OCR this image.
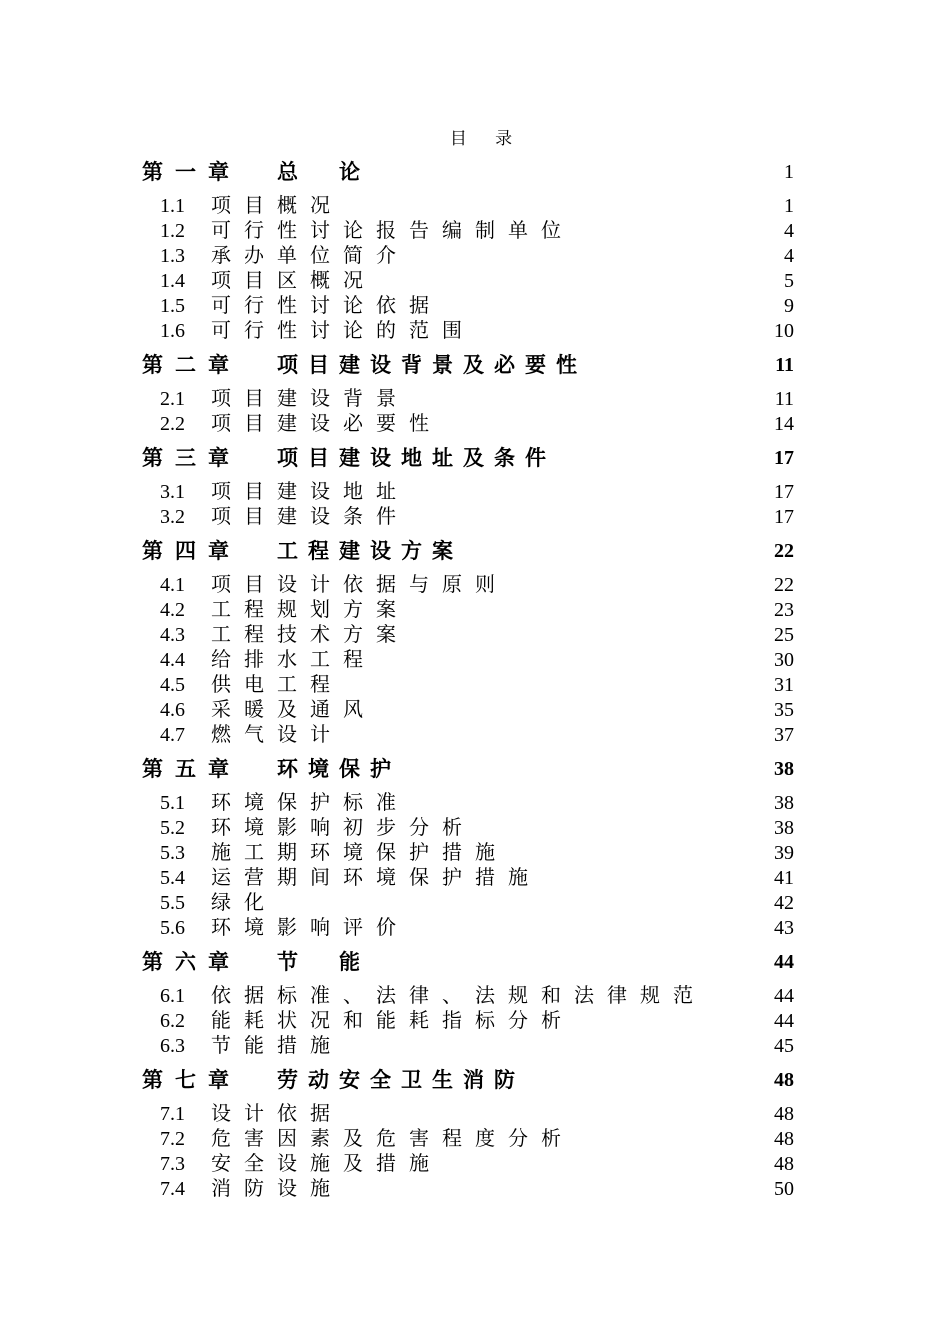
目 录
第一章 总　论	1
1.1 项目概况	1
1.2 可行性讨论报告编制单位	4
1.3 承办单位简介	4
1.4 项目区概况	5
1.5 可行性讨论依据	9
1.6 可行性讨论的范围	10
第二章 项目建设背景及必要性	11
2.1 项目建设背景	11
2.2 项目建设必要性	14
第三章 项目建设地址及条件	17
3.1 项目建设地址	17
3.2 项目建设条件	17
第四章 工程建设方案	22
4.1 项目设计依据与原则	22
4.2 工程规划方案	23
4.3 工程技术方案	25
4.4 给排水工程	30
4.5 供电工程	31
4.6 采暖及通风	35
4.7 燃气设计	37
第五章 环境保护	38
5.1 环境保护标准	38
5.2 环境影响初步分析	38
5.3 施工期环境保护措施	39
5.4 运营期间环境保护措施	41
5.5 绿化	42
5.6 环境影响评价	43
第六章 节　能	44
6.1 依据标准、法律、法规和法律规范	44
6.2 能耗状况和能耗指标分析	44
6.3 节能措施	45
第七章 劳动安全卫生消防	48
7.1 设计依据	48
7.2 危害因素及危害程度分析	48
7.3 安全设施及措施	48
7.4 消防设施	50
